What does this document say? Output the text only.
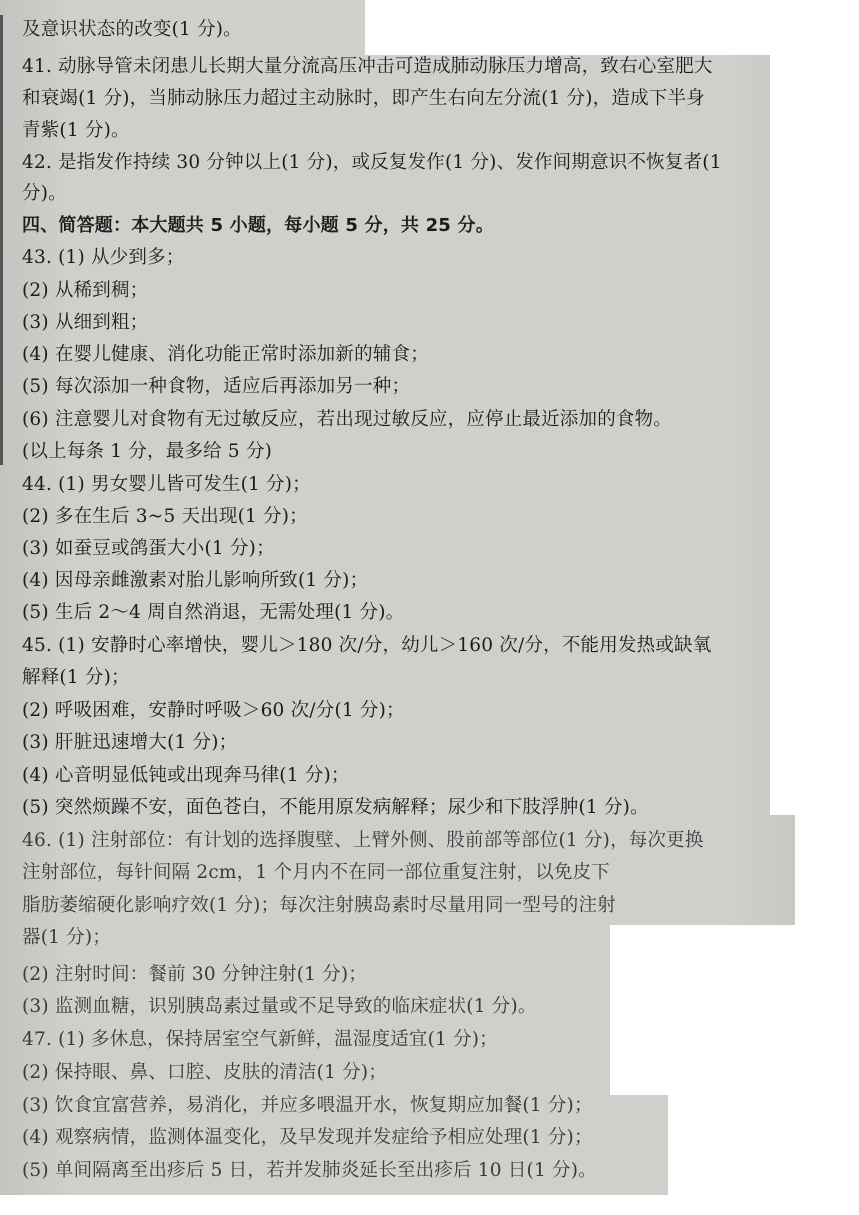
及意识状态的改变(1 分)。
41. 动脉导管未闭患儿长期大量分流高压冲击可造成肺动脉压力增高，致右心室肥大
和衰竭(1 分)，当肺动脉压力超过主动脉时，即产生右向左分流(1 分)，造成下半身
青紫(1 分)。
42. 是指发作持续 30 分钟以上(1 分)，或反复发作(1 分)、发作间期意识不恢复者(1
分)。
四、简答题：本大题共 5 小题，每小题 5 分，共 25 分。
43. (1) 从少到多；
(2) 从稀到稠；
(3) 从细到粗；
(4) 在婴儿健康、消化功能正常时添加新的辅食；
(5) 每次添加一种食物，适应后再添加另一种；
(6) 注意婴儿对食物有无过敏反应，若出现过敏反应，应停止最近添加的食物。
(以上每条 1 分，最多给 5 分)
44. (1) 男女婴儿皆可发生(1 分)；
(2) 多在生后 3~5 天出现(1 分)；
(3) 如蚕豆或鸽蛋大小(1 分)；
(4) 因母亲雌激素对胎儿影响所致(1 分)；
(5) 生后 2～4 周自然消退，无需处理(1 分)。
45. (1) 安静时心率增快，婴儿＞180 次/分，幼儿＞160 次/分，不能用发热或缺氧
解释(1 分)；
(2) 呼吸困难，安静时呼吸＞60 次/分(1 分)；
(3) 肝脏迅速增大(1 分)；
(4) 心音明显低钝或出现奔马律(1 分)；
(5) 突然烦躁不安，面色苍白，不能用原发病解释；尿少和下肢浮肿(1 分)。
46. (1) 注射部位：有计划的选择腹壁、上臂外侧、股前部等部位(1 分)，每次更换
注射部位，每针间隔 2cm，1 个月内不在同一部位重复注射，以免皮下
脂肪萎缩硬化影响疗效(1 分)；每次注射胰岛素时尽量用同一型号的注射
器(1 分)；
(2) 注射时间：餐前 30 分钟注射(1 分)；
(3) 监测血糖，识别胰岛素过量或不足导致的临床症状(1 分)。
47. (1) 多休息，保持居室空气新鲜，温湿度适宜(1 分)；
(2) 保持眼、鼻、口腔、皮肤的清洁(1 分)；
(3) 饮食宜富营养，易消化，并应多喂温开水，恢复期应加餐(1 分)；
(4) 观察病情，监测体温变化，及早发现并发症给予相应处理(1 分)；
(5) 单间隔离至出疹后 5 日，若并发肺炎延长至出疹后 10 日(1 分)。
